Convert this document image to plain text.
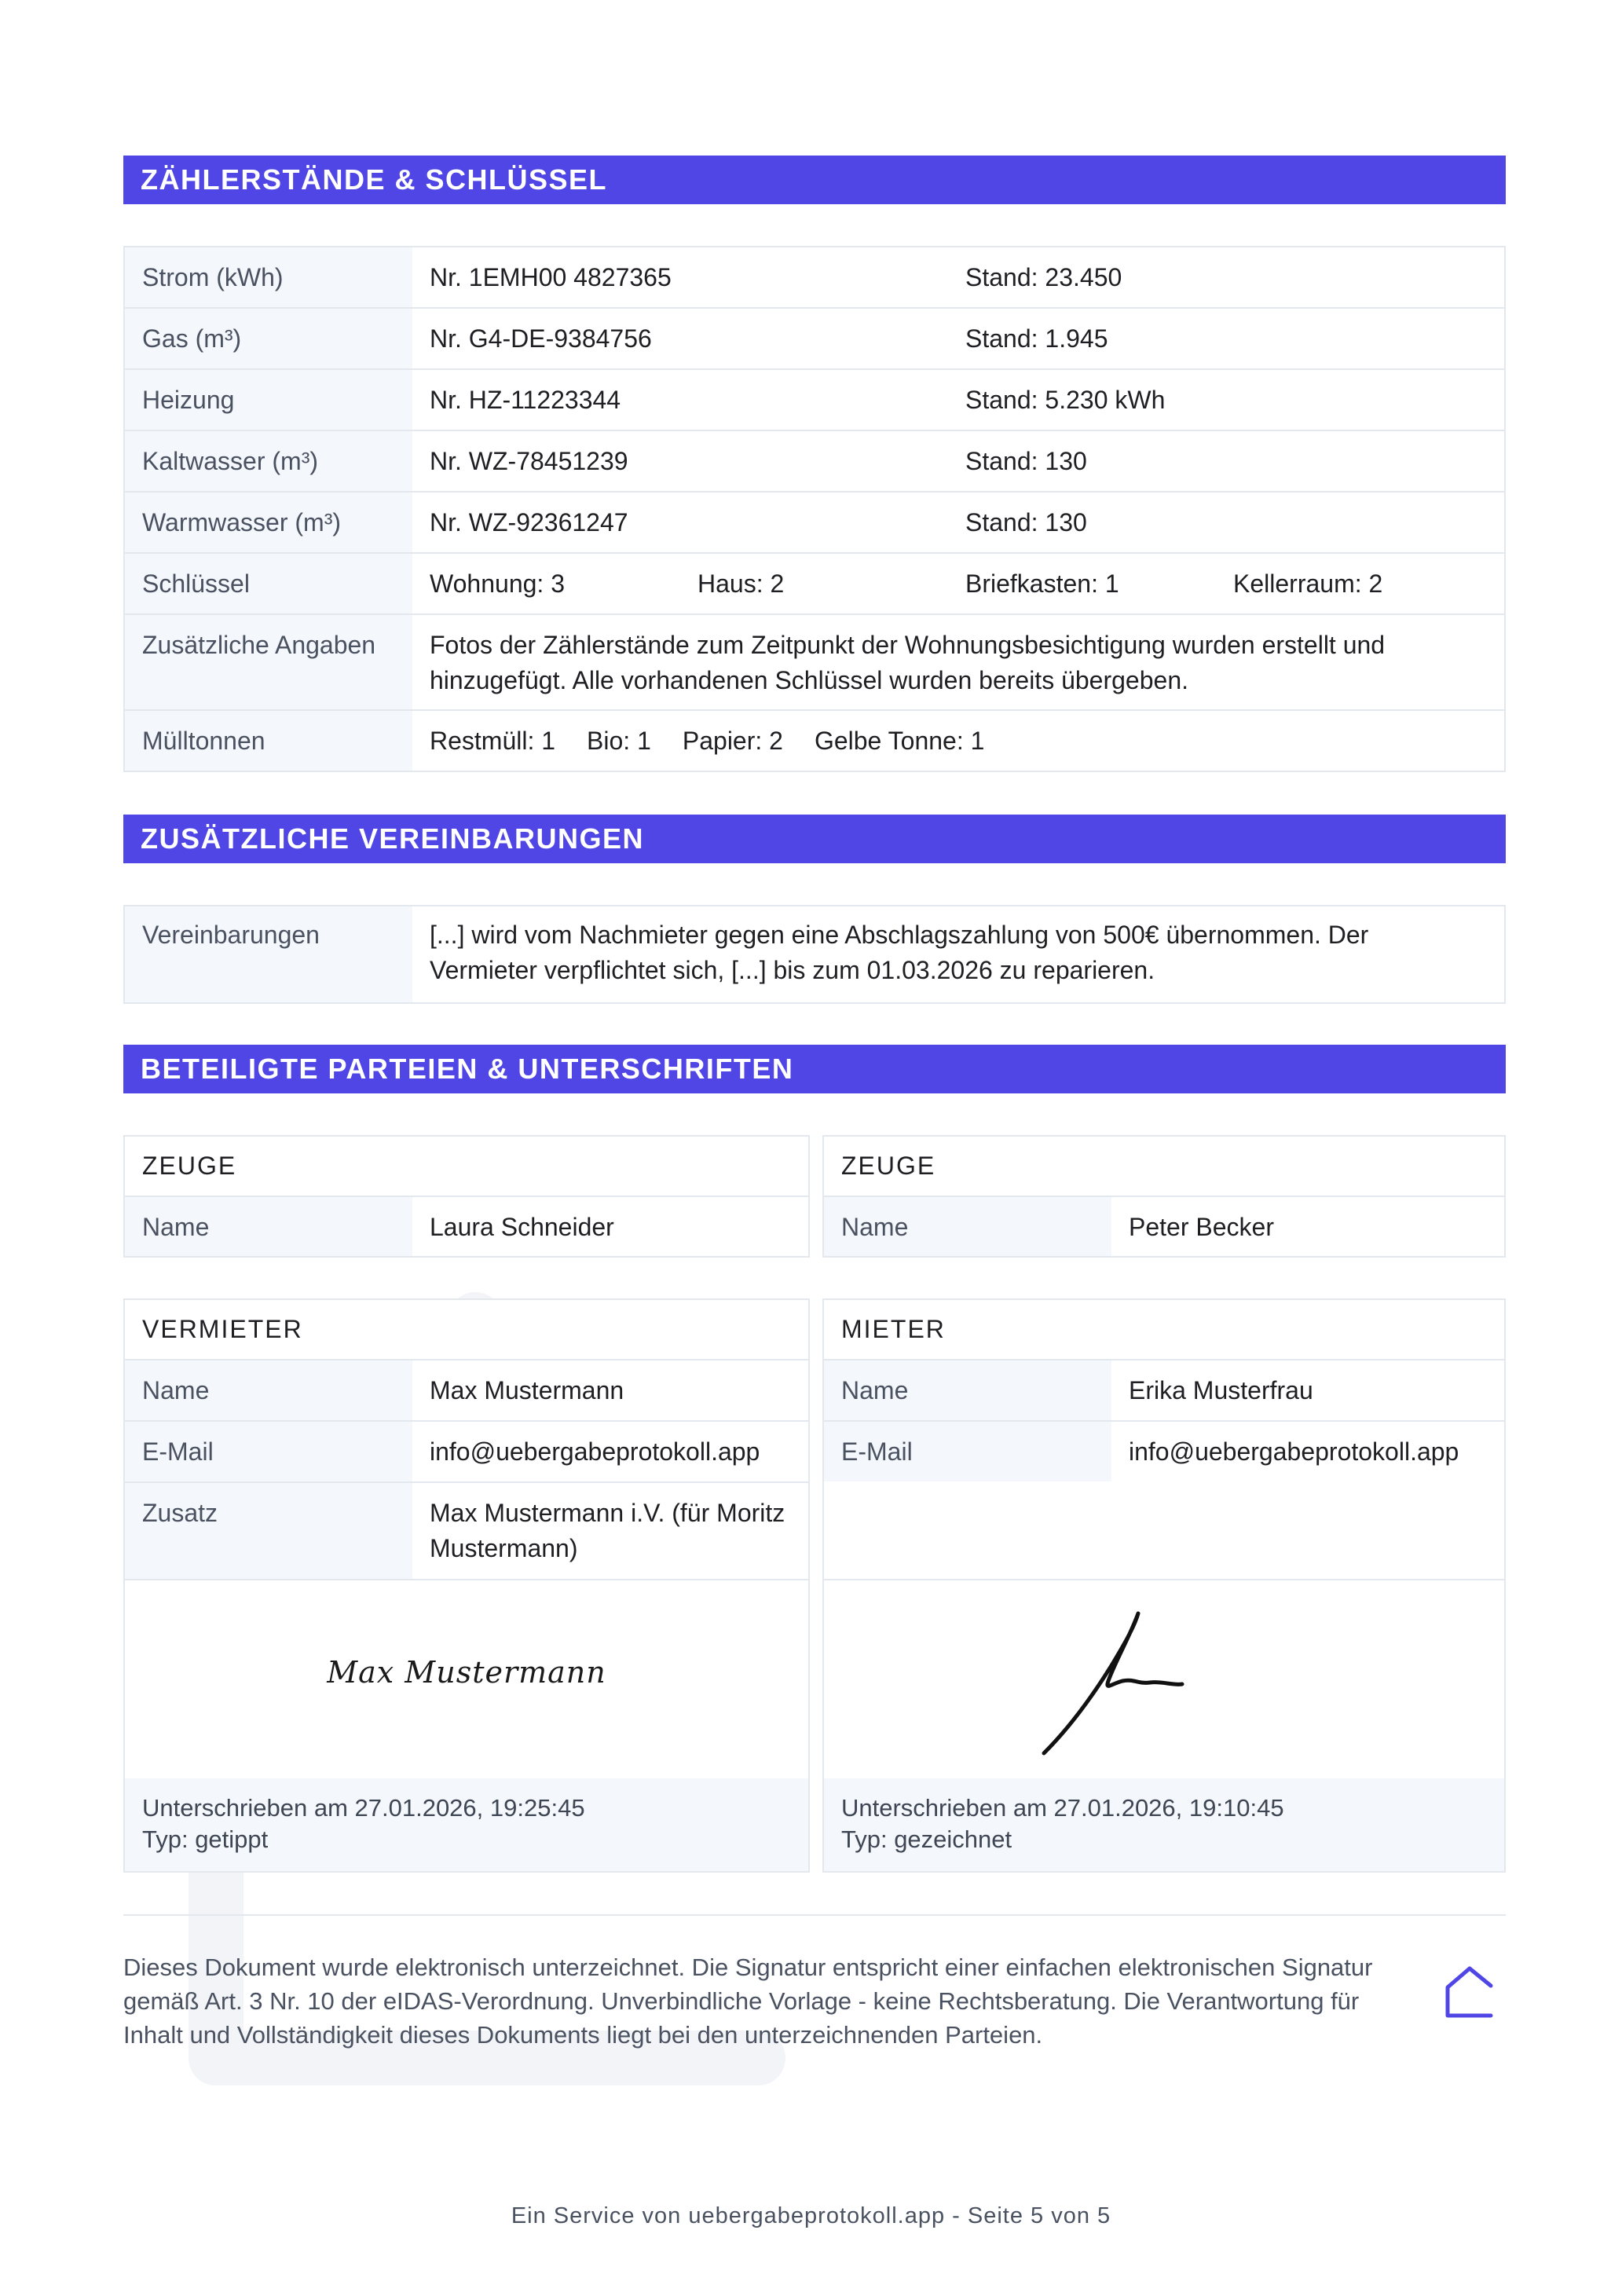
ZÄHLERSTÄNDE & SCHLÜSSEL
Strom (kWh)	Nr. 1EMH00 4827365 Stand: 23.450

Gas (m³)	Nr. G4-DE-9384756 Stand: 1.945

Heizung	Nr. HZ-11223344 Stand: 5.230 kWh

Kaltwasser (m³)	Nr. WZ-78451239 Stand: 130

Warmwasser (m³)	Nr. WZ-92361247 Stand: 130

Schlüssel	Wohnung: 3 Haus: 2 Briefkasten: 1 Kellerraum: 2

Zusätzliche Angaben	Fotos der Zählerstände zum Zeitpunkt der Wohnungsbesichtigung wurden erstellt und hinzugefügt. Alle vorhandenen Schlüssel wurden bereits übergeben.
Mülltonnen	Restmüll: 1 Bio: 1 Papier: 2 Gelbe Tonne: 1
ZUSÄTZLICHE VEREINBARUNGEN
Vereinbarungen	[...] wird vom Nachmieter gegen eine Abschlagszahlung von 500€ übernommen. Der Vermieter verpflichtet sich, [...] bis zum 01.03.2026 zu reparieren.
BETEILIGTE PARTEIEN & UNTERSCHRIFTEN
ZEUGE
Name	Laura Schneider
ZEUGE
Name	Peter Becker
VERMIETER
Name	Max Mustermann
E-Mail	info@uebergabeprotokoll.app
Zusatz	Max Mustermann i.V. (für Moritz Mustermann)
Max Mustermann
Unterschrieben am 27.01.2026, 19:25:45
Typ: getippt
MIETER
Name	Erika Musterfrau
E-Mail	info@uebergabeprotokoll.app
Unterschrieben am 27.01.2026, 19:10:45
Typ: gezeichnet
Dieses Dokument wurde elektronisch unterzeichnet. Die Signatur entspricht einer einfachen elektronischen Signatur gemäß Art. 3 Nr. 10 der eIDAS-Verordnung. Unverbindliche Vorlage - keine Rechtsberatung. Die Verantwortung für Inhalt und Vollständigkeit dieses Dokuments liegt bei den unterzeichnenden Parteien.
Ein Service von uebergabeprotokoll.app - Seite 5 von 5
